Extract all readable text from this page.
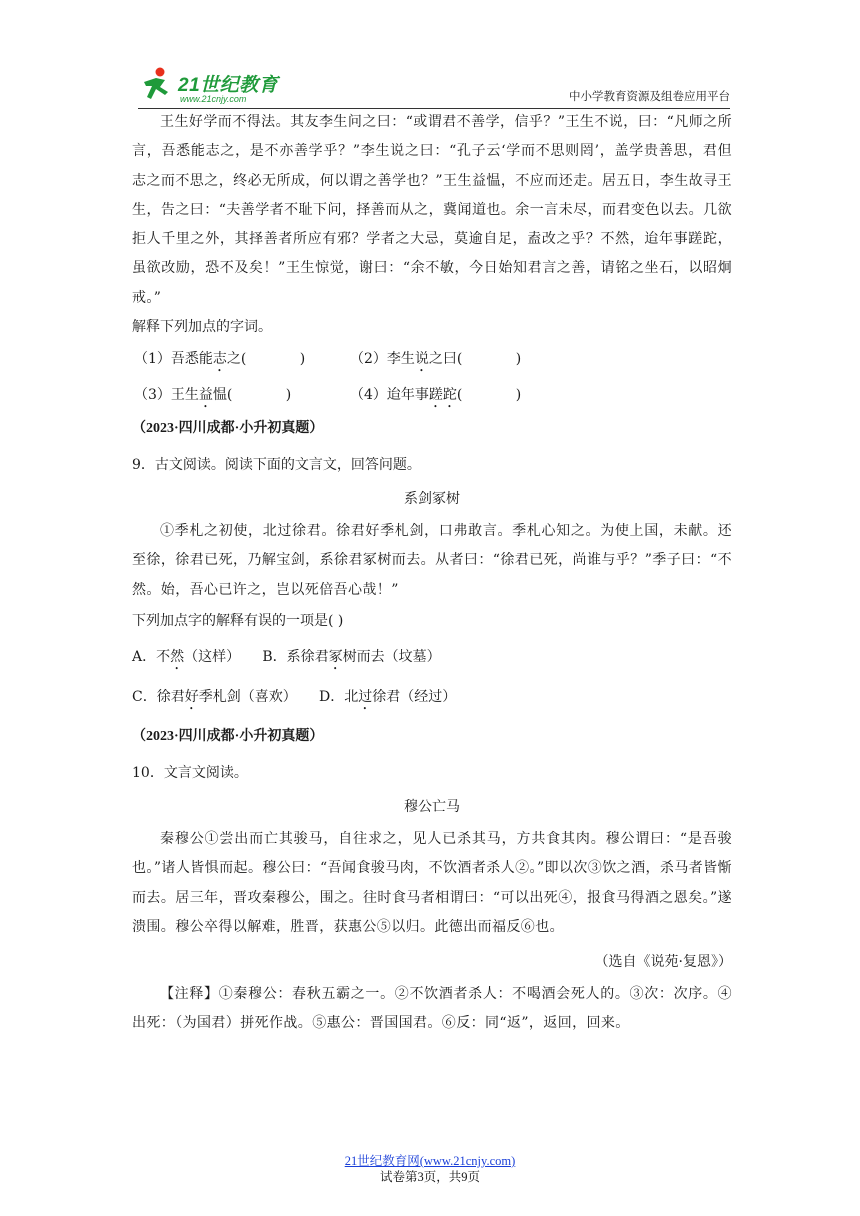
21世纪教育
www.21cnjy.com	中小学教育资源及组卷应用平台

王生好学而不得法。其友李生问之曰：“或谓君不善学，信乎？”王生不说，曰：“凡师之所言，吾悉能志之，是不亦善学乎？”李生说之曰：“孔子云‘学而不思则罔’，盖学贵善思，君但志之而不思之，终必无所成，何以谓之善学也？”王生益愠，不应而还走。居五日，李生故寻王生，告之曰：“夫善学者不耻下问，择善而从之，冀闻道也。余一言未尽，而君变色以去。几欲拒人千里之外，其择善者所应有邪？学者之大忌，莫逾自足，盍改之乎？不然，迨年事蹉跎，虽欲改励，恐不及矣！”王生惊觉，谢曰：“余不敏，今日始知君言之善，请铭之坐石，以昭炯戒。”

解释下列加点的字词。

（1）吾悉能志之(	)	（2）李生说之曰(	)
（3）王生益愠(	)	（4）迨年事蹉跎(	)

（2023·四川成都·小升初真题）

9．古文阅读。阅读下面的文言文，回答问题。

系剑冢树

①季札之初使，北过徐君。徐君好季札剑，口弗敢言。季札心知之。为使上国，未献。还至徐，徐君已死，乃解宝剑，系徐君冢树而去。从者曰：“徐君已死，尚谁与乎？”季子曰：“不然。始，吾心已许之，岂以死倍吾心哉！”

下列加点字的解释有误的一项是( )

A．不然（这样） B．系徐君冢树而去（坟墓）

C．徐君好季札剑（喜欢） D．北过徐君（经过）

（2023·四川成都·小升初真题）

10．文言文阅读。

穆公亡马

秦穆公①尝出而亡其骏马，自往求之，见人已杀其马，方共食其肉。穆公谓曰：“是吾骏也。”诸人皆惧而起。穆公曰：“吾闻食骏马肉，不饮酒者杀人②。”即以次③饮之酒，杀马者皆惭而去。居三年，晋攻秦穆公，围之。往时食马者相谓曰：“可以出死④，报食马得酒之恩矣。”遂溃围。穆公卒得以解难，胜晋，获惠公⑤以归。此德出而福反⑥也。

（选自《说苑·复恩》）

【注释】①秦穆公：春秋五霸之一。②不饮酒者杀人：不喝酒会死人的。③次：次序。④出死：（为国君）拼死作战。⑤惠公：晋国国君。⑥反：同“返”，返回，回来。

21世纪教育网(www.21cnjy.com)
试卷第3页，共9页
